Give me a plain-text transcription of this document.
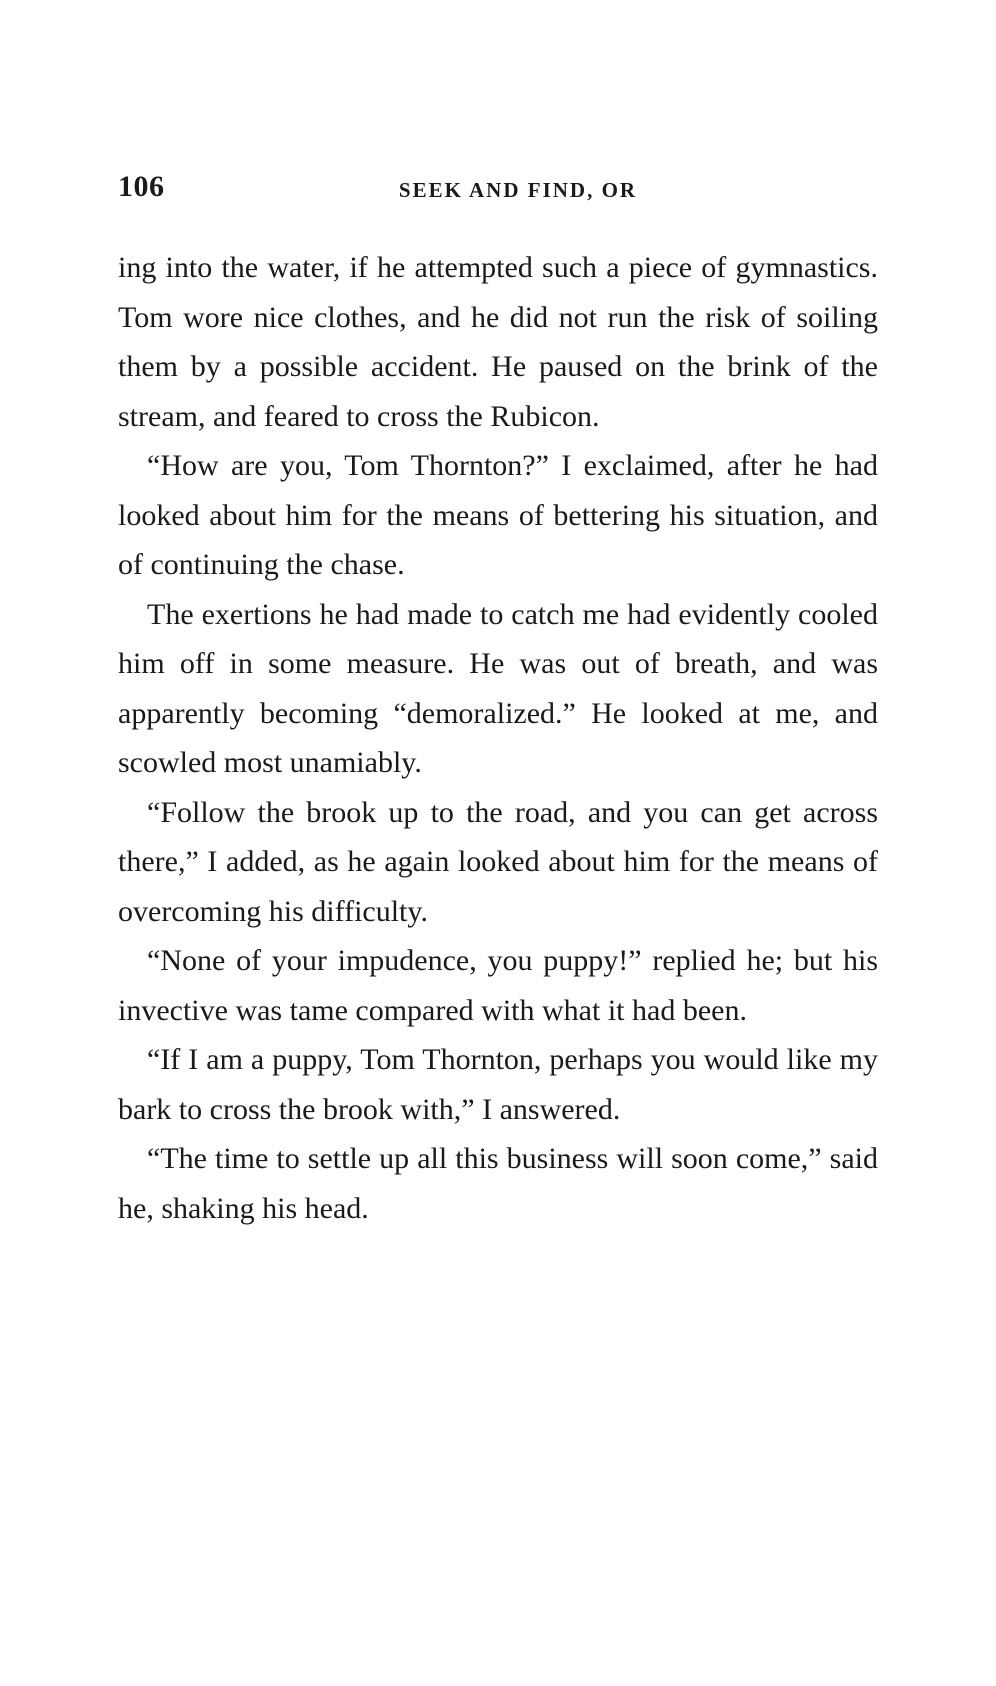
106	SEEK AND FIND, OR

ing into the water, if he attempted such a piece of gymnastics. Tom wore nice clothes, and he did not run the risk of soiling them by a possible accident. He paused on the brink of the stream, and feared to cross the Rubicon.

“How are you, Tom Thornton?” I exclaimed, after he had looked about him for the means of bettering his situation, and of continuing the chase.

The exertions he had made to catch me had evidently cooled him off in some measure. He was out of breath, and was apparently becoming “demoralized.” He looked at me, and scowled most unamiably.

“Follow the brook up to the road, and you can get across there,” I added, as he again looked about him for the means of overcoming his difficulty.

“None of your impudence, you puppy!” replied he; but his invective was tame compared with what it had been.

“If I am a puppy, Tom Thornton, perhaps you would like my bark to cross the brook with,” I answered.

“The time to settle up all this business will soon come,” said he, shaking his head.
